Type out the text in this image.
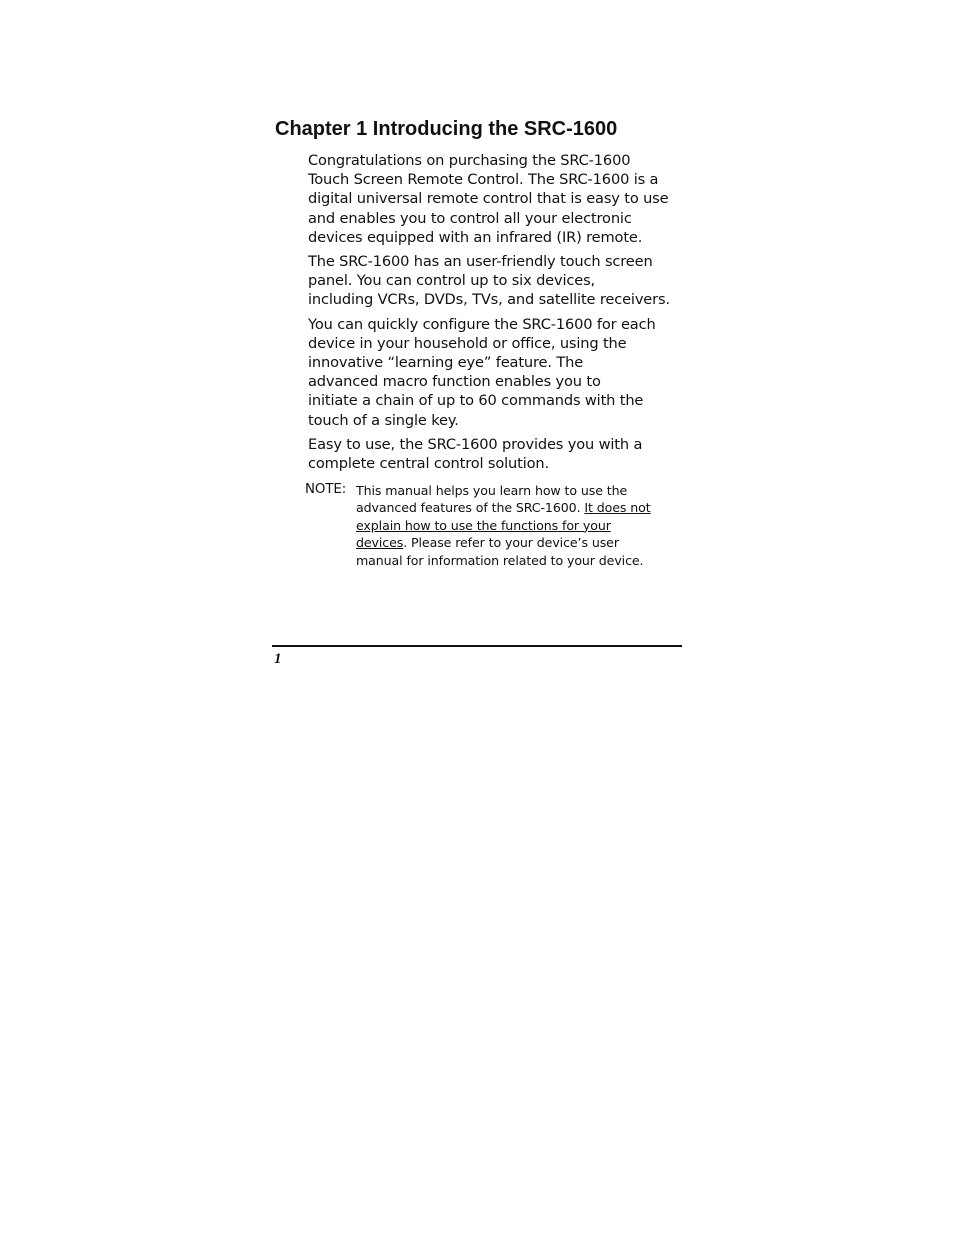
Chapter 1 Introducing the SRC-1600

Congratulations on purchasing the SRC-1600
Touch Screen Remote Control. The SRC-1600 is a
digital universal remote control that is easy to use
and enables you to control all your electronic
devices equipped with an infrared (IR) remote.

The SRC-1600 has an user-friendly touch screen
panel. You can control up to six devices,
including VCRs, DVDs, TVs, and satellite receivers.

You can quickly configure the SRC-1600 for each
device in your household or office, using the
innovative “learning eye” feature. The
advanced macro function enables you to
initiate a chain of up to 60 commands with the
touch of a single key.

Easy to use, the SRC-1600 provides you with a
complete central control solution.

NOTE: This manual helps you learn how to use the
advanced features of the SRC-1600. It does not
explain how to use the functions for your
devices. Please refer to your device’s user
manual for information related to your device.
1
